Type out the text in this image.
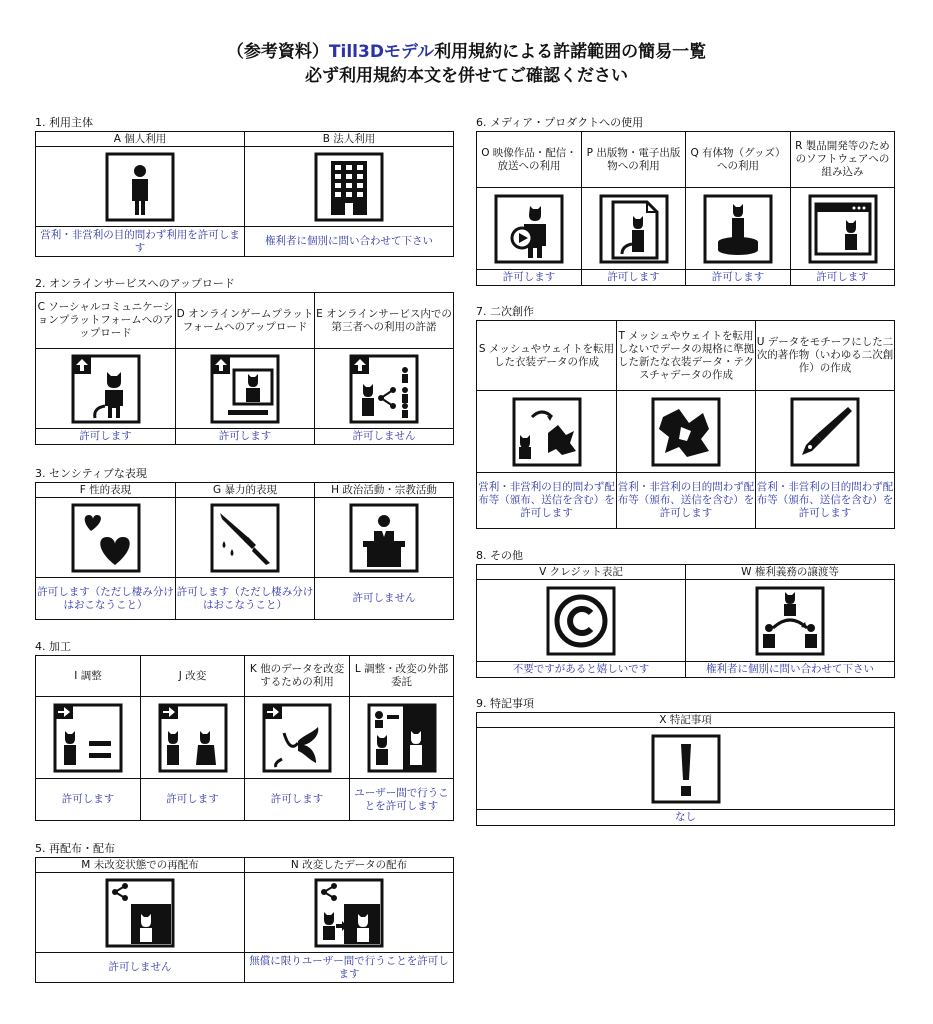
（参考資料）Till3Dモデル利用規約による許諾範囲の簡易一覧
必ず利用規約本文を併せてご確認ください
1. 利用主体
A 個人利用	B 法人利用

営利・非営利の目的問わず利用を許可します	権利者に個別に問い合わせて下さい
2. オンラインサービスへのアップロード
C ソーシャルコミュニケーションプラットフォームへのアップロード	D オンラインゲームプラットフォームへのアップロード	E オンラインサービス内での第三者への利用の許諾

許可します	許可します	許可しません
3. センシティブな表現
F 性的表現	G 暴力的表現	H 政治活動・宗教活動

許可します（ただし棲み分けはおこなうこと）	許可します（ただし棲み分けはおこなうこと）	許可しません
4. 加工
I 調整	J 改変	K 他のデータを改変するための利用	L 調整・改変の外部委託

許可します	許可します	許可します	ユーザー間で行うことを許可します
5. 再配布・配布
M 未改変状態での再配布	N 改変したデータの配布

許可しません	無償に限りユーザー間で行うことを許可します
6. メディア・プロダクトへの使用
O 映像作品・配信・放送への利用	P 出版物・電子出版物への利用	Q 有体物（グッズ）への利用	R 製品開発等のためのソフトウェアへの組み込み

許可します	許可します	許可します	許可します
7. 二次創作
S メッシュやウェイトを転用した衣装データの作成	T メッシュやウェイトを転用しないでデータの規格に準拠した新たな衣装データ・テクスチャデータの作成	U データをモチーフにした二次的著作物（いわゆる二次創作）の作成

営利・非営利の目的問わず配布等（頒布、送信を含む）を許可します	営利・非営利の目的問わず配布等（頒布、送信を含む）を許可します	営利・非営利の目的問わず配布等（頒布、送信を含む）を許可します
8. その他
V クレジット表記	W 権利義務の譲渡等

不要ですがあると嬉しいです	権利者に個別に問い合わせて下さい
9. 特記事項
X 特記事項

なし
